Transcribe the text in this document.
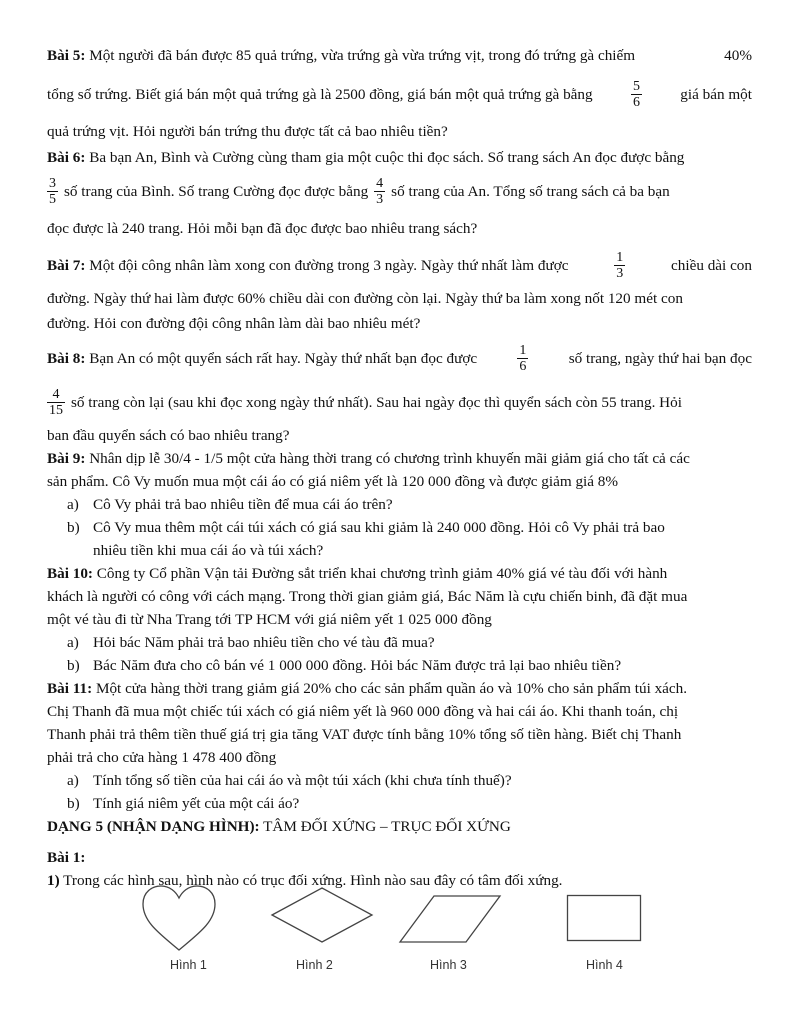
Bài 5: Một người đã bán được 85 quả trứng, vừa trứng gà vừa trứng vịt, trong đó trứng gà chiếm	40%
tổng số trứng. Biết giá bán một quả trứng gà là 2500 đồng, giá bán một quả trứng gà bằng	$\frac{5}{6}$	giá bán một
quả trứng vịt. Hỏi người bán trứng thu được tất cả bao nhiêu tiền?
Bài 6: Ba bạn An, Bình và Cường cùng tham gia một cuộc thi đọc sách. Số trang sách An đọc được bằng
$\frac{3}{5}$ số trang của Bình. Số trang Cường đọc được bằng $\frac{4}{3}$ số trang của An. Tổng số trang sách cả ba bạn
đọc được là 240 trang. Hỏi mỗi bạn đã đọc được bao nhiêu trang sách?
Bài 7: Một đội công nhân làm xong con đường trong 3 ngày. Ngày thứ nhất làm được	$\frac{1}{3}$	chiều dài con
đường. Ngày thứ hai làm được 60% chiều dài con đường còn lại. Ngày thứ ba làm xong nốt 120 mét con
đường. Hỏi con đường đội công nhân làm dài bao nhiêu mét?
Bài 8: Bạn An có một quyển sách rất hay. Ngày thứ nhất bạn đọc được	$\frac{1}{6}$	số trang, ngày thứ hai bạn đọc
$\frac{4}{15}$ số trang còn lại (sau khi đọc xong ngày thứ nhất). Sau hai ngày đọc thì quyển sách còn 55 trang. Hỏi
ban đầu quyển sách có bao nhiêu trang?
Bài 9:
Nhân dịp lễ 30/4 - 1/5 một cửa hàng thời trang có chương trình khuyến mãi giảm giá cho tất cả các
sản phẩm. Cô Vy muốn mua một cái áo có giá niêm yết là 120 000 đồng và được giảm giá 8%
a) Cô Vy phải trả bao nhiêu tiền để mua cái áo trên?
b) Cô Vy mua thêm một cái túi xách có giá sau khi giảm là 240 000 đồng. Hỏi cô Vy phải trả bao
nhiêu tiền khi mua cái áo và túi xách?
Bài 10:
Công ty Cổ phần Vận tải Đường sắt triển khai chương trình giảm 40% giá vé tàu đối với hành
khách là người có công với cách mạng. Trong thời gian giảm giá, Bác Năm là cựu chiến binh, đã đặt mua
một vé tàu đi từ Nha Trang tới TP HCM với giá niêm yết 1 025 000 đồng
a) Hỏi bác Năm phải trả bao nhiêu tiền cho vé tàu đã mua?
b) Bác Năm đưa cho cô bán vé 1 000 000 đồng. Hỏi bác Năm được trả lại bao nhiêu tiền?
Bài 11:
Một cửa hàng thời trang giảm giá 20% cho các sản phẩm quần áo và 10% cho sản phẩm túi xách.
Chị Thanh đã mua một chiếc túi xách có giá niêm yết là 960 000 đồng và hai cái áo. Khi thanh toán, chị
Thanh phải trả thêm tiền thuế giá trị gia tăng VAT được tính bằng 10% tổng số tiền hàng. Biết chị Thanh
phải trả cho cửa hàng 1 478 400 đồng
a) Tính tổng số tiền của hai cái áo và một túi xách (khi chưa tính thuế)?
b) Tính giá niêm yết của một cái áo?
DẠNG 5 (NHẬN DẠNG HÌNH): TÂM ĐỐI XỨNG – TRỤC ĐỐI XỨNG
Bài 1:
1) Trong các hình sau, hình nào có trục đối xứng. Hình nào sau đây có tâm đối xứng.
Hình 1	Hình 2	Hình 3	Hình 4
